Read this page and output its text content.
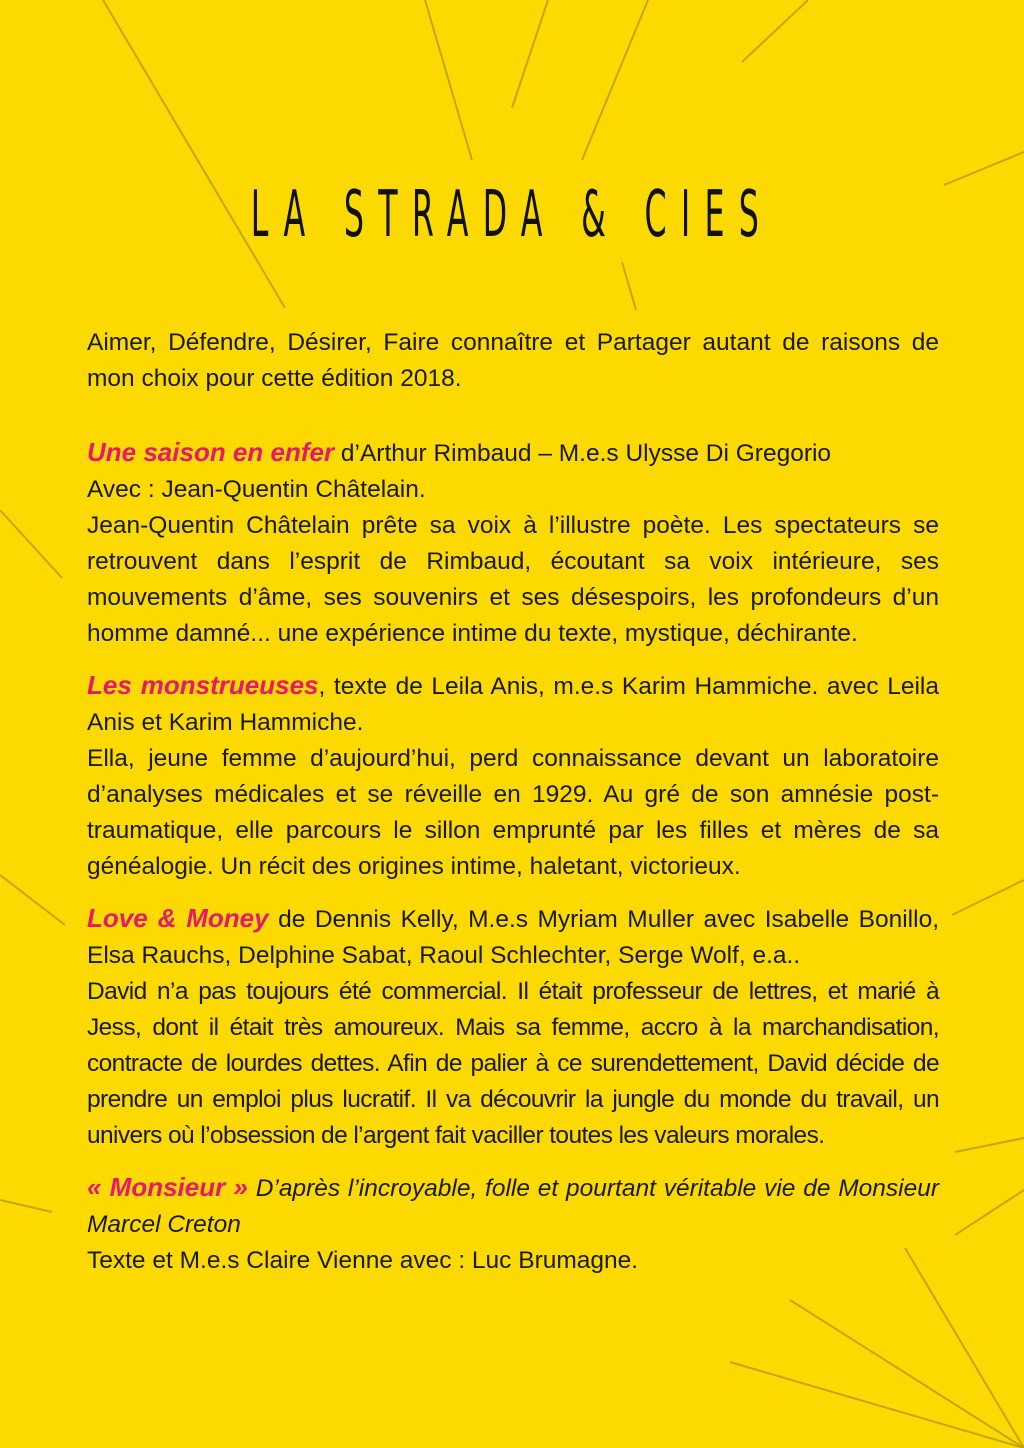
LA STRADA & CIES

Aimer, Défendre, Désirer, Faire connaître et Partager autant de raisons de mon choix pour cette édition 2018.

Une saison en enfer d’Arthur Rimbaud – M.e.s Ulysse Di Gregorio

Avec : Jean-Quentin Châtelain.

Jean-Quentin Châtelain prête sa voix à l’illustre poète. Les spectateurs se retrouvent dans l’esprit de Rimbaud, écoutant sa voix intérieure, ses mouvements d’âme, ses souvenirs et ses désespoirs, les profondeurs d’un homme damné... une expérience intime du texte, mystique, déchirante.

Les monstrueuses, texte de Leila Anis, m.e.s Karim Hammiche. avec Leila Anis et Karim Hammiche.

Ella, jeune femme d’aujourd’hui, perd connaissance devant un laboratoire d’analyses médicales et se réveille en 1929. Au gré de son amnésie post-traumatique, elle parcours le sillon emprunté par les filles et mères de sa généalogie. Un récit des origines intime, haletant, victorieux.

Love & Money de Dennis Kelly, M.e.s Myriam Muller avec Isabelle Bonillo, Elsa Rauchs, Delphine Sabat, Raoul Schlechter, Serge Wolf, e.a..

David n’a pas toujours été commercial. Il était professeur de lettres, et marié à Jess, dont il était très amoureux. Mais sa femme, accro à la marchandisation, contracte de lourdes dettes. Afin de palier à ce surendettement, David décide de prendre un emploi plus lucratif. Il va découvrir la jungle du monde du travail, un univers où l’obsession de l’argent fait vaciller toutes les valeurs morales.

« Monsieur » D’après l’incroyable, folle et pourtant véritable vie de Monsieur Marcel Creton

Texte et M.e.s Claire Vienne avec : Luc Brumagne.
